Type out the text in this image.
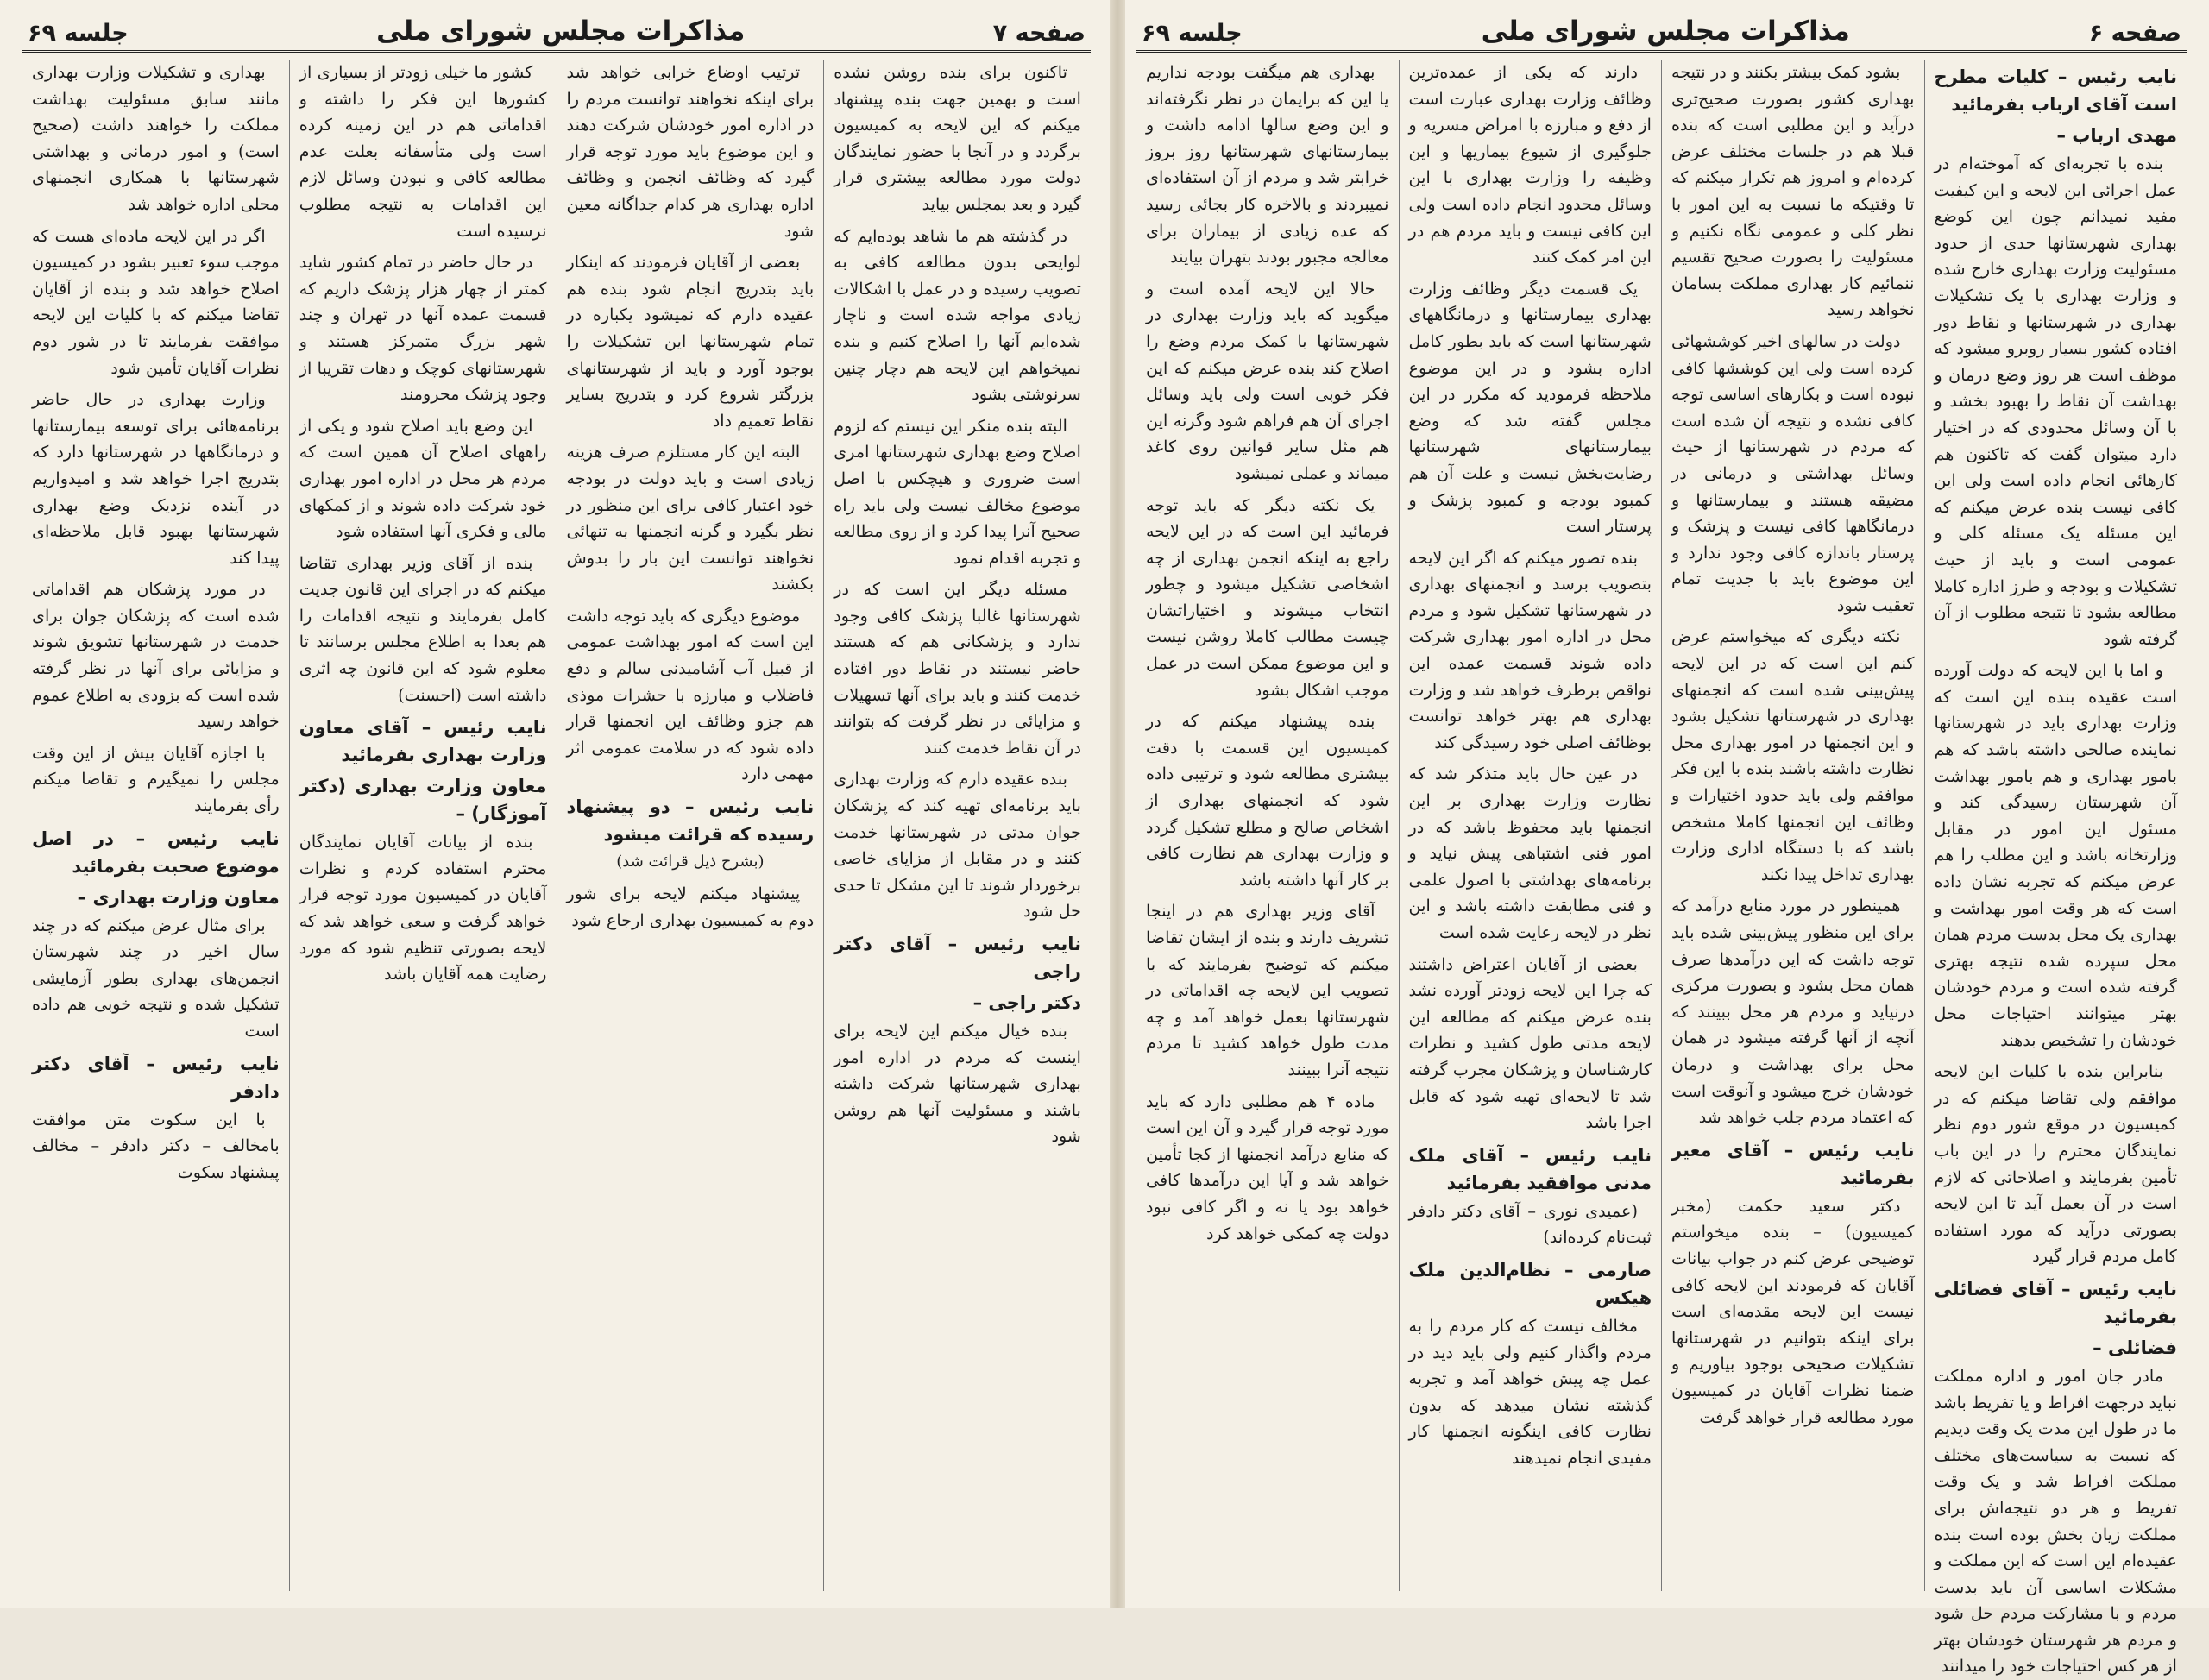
صفحه ۶
مذاکرات مجلس شورای ملی
جلسه ۶۹
نایب رئیس – کلیات مطرح است آقای ارباب بفرمائید
مهدی ارباب –

بنده با تجربه‌ای که آموخته‌ام در عمل اجرائی این لایحه و این کیفیت مفید نمیدانم چون این کوضع بهداری شهرستانها حدی از حدود مسئولیت وزارت بهداری خارج شده و وزارت بهداری با یک تشکیلات بهداری در شهرستانها و نقاط دور افتاده کشور بسیار روبرو میشود که موظف است هر روز وضع درمان و بهداشت آن نقاط را بهبود بخشد و با آن وسائل محدودی که در اختیار دارد میتوان گفت که تاکنون هم کارهائی انجام داده است ولی این کافی نیست بنده عرض میکنم که این مسئله یک مسئله کلی و عمومی است و باید از حیث تشکیلات و بودجه و طرز اداره کاملا مطالعه بشود تا نتیجه مطلوب از آن گرفته شود

و اما با این لایحه که دولت آورده است عقیده بنده این است که وزارت بهداری باید در شهرستانها نماینده صالحی داشته باشد که هم بامور بهداری و هم بامور بهداشت آن شهرستان رسیدگی کند و مسئول این امور در مقابل وزارتخانه باشد و این مطلب را هم عرض میکنم که تجربه نشان داده است که هر وقت امور بهداشت و بهداری یک محل بدست مردم همان محل سپرده شده نتیجه بهتری گرفته شده است و مردم خودشان بهتر میتوانند احتیاجات محل خودشان را تشخیص بدهند

بنابراین بنده با کلیات این لایحه موافقم ولی تقاضا میکنم که در کمیسیون در موقع شور دوم نظر نمایندگان محترم را در این باب تأمین بفرمایند و اصلاحاتی که لازم است در آن بعمل آید تا این لایحه بصورتی درآید که مورد استفاده کامل مردم قرار گیرد

نایب رئیس – آقای فضائلی بفرمائید
فضائلی –

مادر جان امور و اداره مملکت نباید درجهت افراط و یا تفریط باشد ما در طول این مدت یک وقت دیدیم که نسبت به سیاست‌های مختلف مملکت افراط شد و یک وقت تفریط و هر دو نتیجه‌اش برای مملکت زیان بخش بوده است بنده عقیده‌ام این است که این مملکت و مشکلات اساسی آن باید بدست مردم و با مشارکت مردم حل شود و مردم هر شهرستان خودشان بهتر از هر کس احتیاجات خود را میدانند

بشود کمک بیشتر بکنند و در نتیجه بهداری کشور بصورت صحیح‌تری درآید و این مطلبی است که بنده قبلا هم در جلسات مختلف عرض کرده‌ام و امروز هم تکرار میکنم که تا وقتیکه ما نسبت به این امور با نظر کلی و عمومی نگاه نکنیم و مسئولیت را بصورت صحیح تقسیم ننمائیم کار بهداری مملکت بسامان نخواهد رسید

دولت در سالهای اخیر کوششهائی کرده است ولی این کوششها کافی نبوده است و بکارهای اساسی توجه کافی نشده و نتیجه آن شده است که مردم در شهرستانها از حیث وسائل بهداشتی و درمانی در مضیقه هستند و بیمارستانها و درمانگاهها کافی نیست و پزشک و پرستار باندازه کافی وجود ندارد و این موضوع باید با جدیت تمام تعقیب شود

نکته دیگری که میخواستم عرض کنم این است که در این لایحه پیش‌بینی شده است که انجمنهای بهداری در شهرستانها تشکیل بشود و این انجمنها در امور بهداری محل نظارت داشته باشند بنده با این فکر موافقم ولی باید حدود اختیارات و وظائف این انجمنها کاملا مشخص باشد که با دستگاه اداری وزارت بهداری تداخل پیدا نکند

همینطور در مورد منابع درآمد که برای این منظور پیش‌بینی شده باید توجه داشت که این درآمدها صرف همان محل بشود و بصورت مرکزی درنیاید و مردم هر محل ببینند که آنچه از آنها گرفته میشود در همان محل برای بهداشت و درمان خودشان خرج میشود و آنوقت است که اعتماد مردم جلب خواهد شد

نایب رئیس – آقای معیر بفرمائید

دکتر سعید حکمت (مخبر کمیسیون) – بنده میخواستم توضیحی عرض کنم در جواب بیانات آقایان که فرمودند این لایحه کافی نیست این لایحه مقدمه‌ای است برای اینکه بتوانیم در شهرستانها تشکیلات صحیحی بوجود بیاوریم و ضمنا نظرات آقایان در کمیسیون مورد مطالعه قرار خواهد گرفت

دارند که یکی از عمده‌ترین وظائف وزارت بهداری عبارت است از دفع و مبارزه با امراض مسریه و جلوگیری از شیوع بیماریها و این وظیفه را وزارت بهداری با این وسائل محدود انجام داده است ولی این کافی نیست و باید مردم هم در این امر کمک کنند

یک قسمت دیگر وظائف وزارت بهداری بیمارستانها و درمانگاههای شهرستانها است که باید بطور کامل اداره بشود و در این موضوع ملاحظه فرمودید که مکرر در این مجلس گفته شد که وضع بیمارستانهای شهرستانها رضایت‌بخش نیست و علت آن هم کمبود بودجه و کمبود پزشک و پرستار است

بنده تصور میکنم که اگر این لایحه بتصویب برسد و انجمنهای بهداری در شهرستانها تشکیل شود و مردم محل در اداره امور بهداری شرکت داده شوند قسمت عمده این نواقص برطرف خواهد شد و وزارت بهداری هم بهتر خواهد توانست بوظائف اصلی خود رسیدگی کند

در عین حال باید متذکر شد که نظارت وزارت بهداری بر این انجمنها باید محفوظ باشد که در امور فنی اشتباهی پیش نیاید و برنامه‌های بهداشتی با اصول علمی و فنی مطابقت داشته باشد و این نظر در لایحه رعایت شده است

بعضی از آقایان اعتراض داشتند که چرا این لایحه زودتر آورده نشد بنده عرض میکنم که مطالعه این لایحه مدتی طول کشید و نظرات کارشناسان و پزشکان مجرب گرفته شد تا لایحه‌ای تهیه شود که قابل اجرا باشد

نایب رئیس – آقای ملک مدنی موافقید بفرمائید

(عمیدی نوری – آقای دکتر دادفر ثبت‌نام کرده‌اند)

صارمی – نظام‌الدین ملک هیکس

مخالف نیست که کار مردم را به مردم واگذار کنیم ولی باید دید در عمل چه پیش خواهد آمد و تجربه گذشته نشان میدهد که بدون نظارت کافی اینگونه انجمنها کار مفیدی انجام نمیدهند

بهداری هم میگفت بودجه نداریم یا این که برایمان در نظر نگرفته‌اند و این وضع سالها ادامه داشت و بیمارستانهای شهرستانها روز بروز خرابتر شد و مردم از آن استفاده‌ای نمیبردند و بالاخره کار بجائی رسید که عده زیادی از بیماران برای معالجه مجبور بودند بتهران بیایند

حالا این لایحه آمده است و میگوید که باید وزارت بهداری در شهرستانها با کمک مردم وضع را اصلاح کند بنده عرض میکنم که این فکر خوبی است ولی باید وسائل اجرای آن هم فراهم شود وگرنه این هم مثل سایر قوانین روی کاغذ میماند و عملی نمیشود

یک نکته دیگر که باید توجه فرمائید این است که در این لایحه راجع به اینکه انجمن بهداری از چه اشخاصی تشکیل میشود و چطور انتخاب میشوند و اختیاراتشان چیست مطالب کاملا روشن نیست و این موضوع ممکن است در عمل موجب اشکال بشود

بنده پیشنهاد میکنم که در کمیسیون این قسمت با دقت بیشتری مطالعه شود و ترتیبی داده شود که انجمنهای بهداری از اشخاص صالح و مطلع تشکیل گردد و وزارت بهداری هم نظارت کافی بر کار آنها داشته باشد

آقای وزیر بهداری هم در اینجا تشریف دارند و بنده از ایشان تقاضا میکنم که توضیح بفرمایند که با تصویب این لایحه چه اقداماتی در شهرستانها بعمل خواهد آمد و چه مدت طول خواهد کشید تا مردم نتیجه آنرا ببینند

ماده ۴ هم مطلبی دارد که باید مورد توجه قرار گیرد و آن این است که منابع درآمد انجمنها از کجا تأمین خواهد شد و آیا این درآمدها کافی خواهد بود یا نه و اگر کافی نبود دولت چه کمکی خواهد کرد

صفحه ۷
مذاکرات مجلس شورای ملی
جلسه ۶۹

تاکنون برای بنده روشن نشده است و بهمین جهت بنده پیشنهاد میکنم که این لایحه به کمیسیون برگردد و در آنجا با حضور نمایندگان دولت مورد مطالعه بیشتری قرار گیرد و بعد بمجلس بیاید

در گذشته هم ما شاهد بوده‌ایم که لوایحی بدون مطالعه کافی به تصویب رسیده و در عمل با اشکالات زیادی مواجه شده است و ناچار شده‌ایم آنها را اصلاح کنیم و بنده نمیخواهم این لایحه هم دچار چنین سرنوشتی بشود

البته بنده منکر این نیستم که لزوم اصلاح وضع بهداری شهرستانها امری است ضروری و هیچکس با اصل موضوع مخالف نیست ولی باید راه صحیح آنرا پیدا کرد و از روی مطالعه و تجربه اقدام نمود

مسئله دیگر این است که در شهرستانها غالبا پزشک کافی وجود ندارد و پزشکانی هم که هستند حاضر نیستند در نقاط دور افتاده خدمت کنند و باید برای آنها تسهیلات و مزایائی در نظر گرفت که بتوانند در آن نقاط خدمت کنند

بنده عقیده دارم که وزارت بهداری باید برنامه‌ای تهیه کند که پزشکان جوان مدتی در شهرستانها خدمت کنند و در مقابل از مزایای خاصی برخوردار شوند تا این مشکل تا حدی حل شود

نایب رئیس – آقای دکتر راجی
دکتر راجی –

بنده خیال میکنم این لایحه برای اینست که مردم در اداره امور بهداری شهرستانها شرکت داشته باشند و مسئولیت آنها هم روشن شود

ترتیب اوضاع خرابی خواهد شد برای اینکه نخواهند توانست مردم را در اداره امور خودشان شرکت دهند و این موضوع باید مورد توجه قرار گیرد که وظائف انجمن و وظائف اداره بهداری هر کدام جداگانه معین شود

بعضی از آقایان فرمودند که اینکار باید بتدریج انجام شود بنده هم عقیده دارم که نمیشود یکباره در تمام شهرستانها این تشکیلات را بوجود آورد و باید از شهرستانهای بزرگتر شروع کرد و بتدریج بسایر نقاط تعمیم داد

البته این کار مستلزم صرف هزینه زیادی است و باید دولت در بودجه خود اعتبار کافی برای این منظور در نظر بگیرد و گرنه انجمنها به تنهائی نخواهند توانست این بار را بدوش بکشند

موضوع دیگری که باید توجه داشت این است که امور بهداشت عمومی از قبیل آب آشامیدنی سالم و دفع فاضلاب و مبارزه با حشرات موذی هم جزو وظائف این انجمنها قرار داده شود که در سلامت عمومی اثر مهمی دارد

نایب رئیس – دو پیشنهاد رسیده که قرائت میشود
(بشرح ذیل قرائت شد)

پیشنهاد میکنم لایحه برای شور دوم به کمیسیون بهداری ارجاع شود

کشور ما خیلی زودتر از بسیاری از کشورها این فکر را داشته و اقداماتی هم در این زمینه کرده است ولی متأسفانه بعلت عدم مطالعه کافی و نبودن وسائل لازم این اقدامات به نتیجه مطلوب نرسیده است

در حال حاضر در تمام کشور شاید کمتر از چهار هزار پزشک داریم که قسمت عمده آنها در تهران و چند شهر بزرگ متمرکز هستند و شهرستانهای کوچک و دهات تقریبا از وجود پزشک محرومند

این وضع باید اصلاح شود و یکی از راههای اصلاح آن همین است که مردم هر محل در اداره امور بهداری خود شرکت داده شوند و از کمکهای مالی و فکری آنها استفاده شود

بنده از آقای وزیر بهداری تقاضا میکنم که در اجرای این قانون جدیت کامل بفرمایند و نتیجه اقدامات را هم بعدا به اطلاع مجلس برسانند تا معلوم شود که این قانون چه اثری داشته است (احسنت)

نایب رئیس – آقای معاون وزارت بهداری بفرمائید
معاون وزارت بهداری (دکتر آموزگار) –

بنده از بیانات آقایان نمایندگان محترم استفاده کردم و نظرات آقایان در کمیسیون مورد توجه قرار خواهد گرفت و سعی خواهد شد که لایحه بصورتی تنظیم شود که مورد رضایت همه آقایان باشد

بهداری و تشکیلات وزارت بهداری مانند سابق مسئولیت بهداشت مملکت را خواهند داشت (صحیح است) و امور درمانی و بهداشتی شهرستانها با همکاری انجمنهای محلی اداره خواهد شد

اگر در این لایحه ماده‌ای هست که موجب سوء تعبیر بشود در کمیسیون اصلاح خواهد شد و بنده از آقایان تقاضا میکنم که با کلیات این لایحه موافقت بفرمایند تا در شور دوم نظرات آقایان تأمین شود

وزارت بهداری در حال حاضر برنامه‌هائی برای توسعه بیمارستانها و درمانگاهها در شهرستانها دارد که بتدریج اجرا خواهد شد و امیدواریم در آینده نزدیک وضع بهداری شهرستانها بهبود قابل ملاحظه‌ای پیدا کند

در مورد پزشکان هم اقداماتی شده است که پزشکان جوان برای خدمت در شهرستانها تشویق شوند و مزایائی برای آنها در نظر گرفته شده است که بزودی به اطلاع عموم خواهد رسید

با اجازه آقایان بیش از این وقت مجلس را نمیگیرم و تقاضا میکنم رأی بفرمایند

نایب رئیس – در اصل موضوع صحبت بفرمائید
معاون وزارت بهداری –

برای مثال عرض میکنم که در چند سال اخیر در چند شهرستان انجمن‌های بهداری بطور آزمایشی تشکیل شده و نتیجه خوبی هم داده است

نایب رئیس – آقای دکتر دادفر

با این سکوت متن موافقت بامخالف – دکتر دادفر – مخالف پیشنهاد سکوت
